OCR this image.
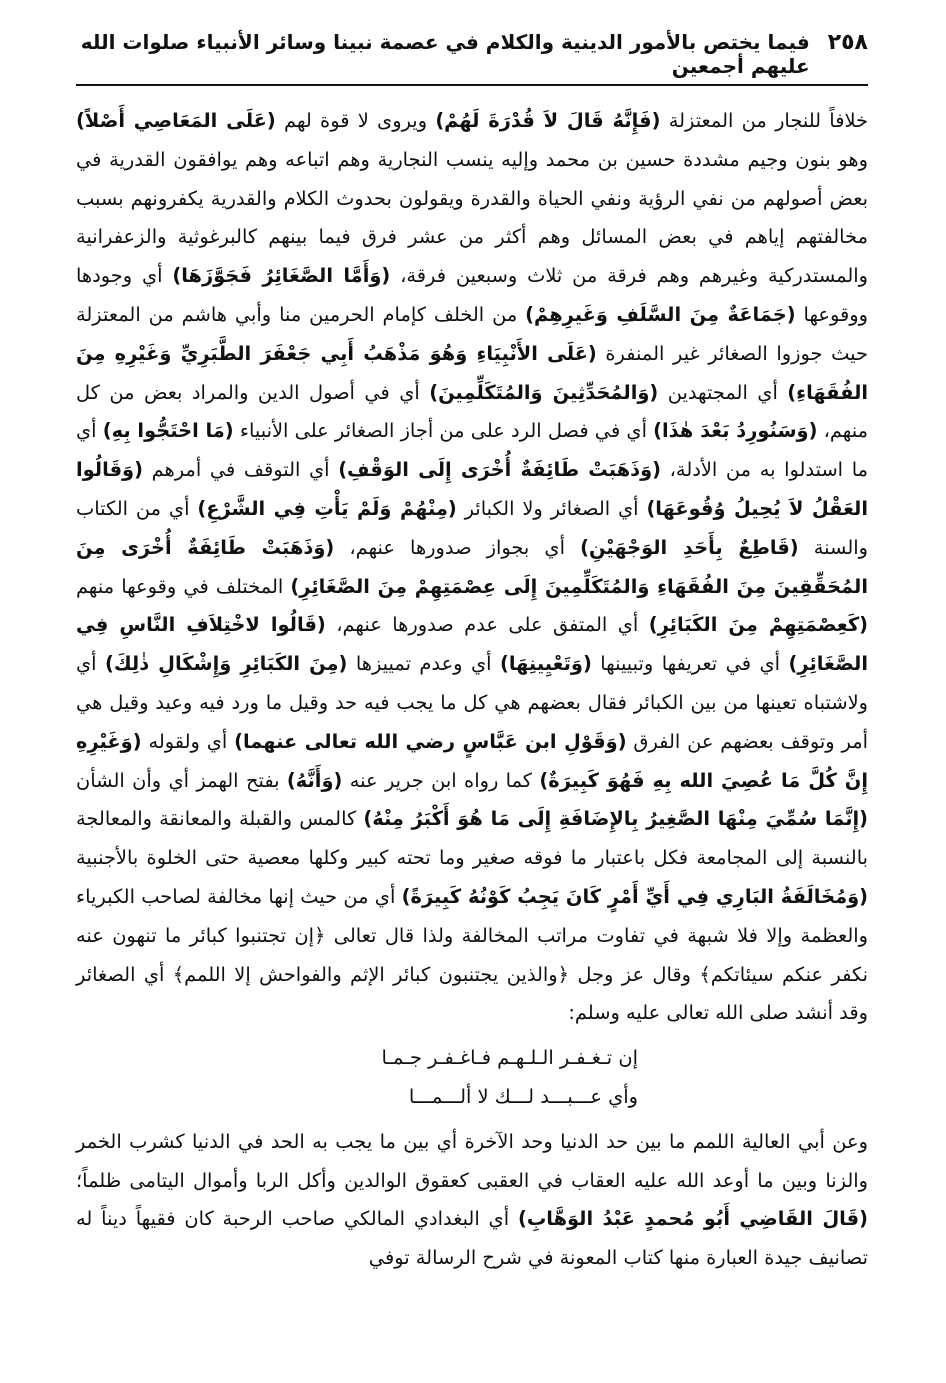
٢٥٨
فيما يختص بالأمور الدينية والكلام في عصمة نبينا وسائر الأنبياء صلوات الله عليهم أجمعين

خلافاً للنجار من المعتزلة (فَإِنَّهُ قَالَ لاَ قُدْرَةَ لَهُمْ) ويروى لا قوة لهم (عَلَى المَعَاصِي أَصْلاً) وهو بنون وجيم مشددة حسين بن محمد وإليه ينسب النجارية وهم اتباعه وهم يوافقون القدرية في بعض أصولهم من نفي الرؤية ونفي الحياة والقدرة ويقولون بحدوث الكلام والقدرية يكفرونهم بسبب مخالفتهم إياهم في بعض المسائل وهم أكثر من عشر فرق فيما بينهم كالبرغوثية والزعفرانية والمستدركية وغيرهم وهم فرقة من ثلاث وسبعين فرقة، (وَأَمَّا الصَّغَائِرُ فَجَوَّزَهَا) أي وجودها ووقوعها (جَمَاعَةٌ مِنَ السَّلَفِ وَغَيرِهِمْ) من الخلف كإمام الحرمين منا وأبي هاشم من المعتزلة حيث جوزوا الصغائر غير المنفرة (عَلَى الأَنْبِيَاءِ وَهُوَ مَذْهَبُ أَبِي جَعْفَرَ الطَّبَرِيِّ وَغَيْرِهِ مِنَ الفُقَهَاءِ) أي المجتهدين (وَالمُحَدِّثِينَ وَالمُتَكَلِّمِينَ) أي في أصول الدين والمراد بعض من كل منهم، (وَسَنُورِدُ بَعْدَ هٰذَا) أي في فصل الرد على من أجاز الصغائر على الأنبياء (مَا احْتَجُّوا بِهِ) أي ما استدلوا به من الأدلة، (وَذَهَبَتْ طَائِفَةٌ أُخْرَى إِلَى الوَقْفِ) أي التوقف في أمرهم (وَقَالُوا العَقْلُ لاَ يُحِيلُ وُقُوعَهَا) أي الصغائر ولا الكبائر (مِنْهُمْ وَلَمْ يَأْتِ فِي الشَّرْعِ) أي من الكتاب والسنة (قَاطِعٌ بِأَحَدِ الوَجْهَيْنِ) أي بجواز صدورها عنهم، (وَذَهَبَتْ طَائِفَةٌ أُخْرَى مِنَ المُحَقِّقِينَ مِنَ الفُقَهَاءِ وَالمُتَكَلِّمِينَ إِلَى عِصْمَتِهِمْ مِنَ الصَّغَائِرِ) المختلف في وقوعها منهم (كَعِصْمَتِهِمْ مِنَ الكَبَائِرِ) أي المتفق على عدم صدورها عنهم، (قَالُوا لاخْتِلاَفِ النَّاسِ فِي الصَّغَائِرِ) أي في تعريفها وتبيينها (وَتَعْيِينِهَا) أي وعدم تمييزها (مِنَ الكَبَائِرِ وَإِشْكَالِ ذٰلِكَ) أي ولاشتباه تعينها من بين الكبائر فقال بعضهم هي كل ما يجب فيه حد وقيل ما ورد فيه وعيد وقيل هي أمر وتوقف بعضهم عن الفرق (وَقَوْلِ ابن عَبَّاسٍ رضي الله تعالى عنهما) أي ولقوله (وَغَيْرِهِ إِنَّ كُلَّ مَا عُصِيَ الله بِهِ فَهُوَ كَبِيرَةٌ) كما رواه ابن جرير عنه (وَأَنَّهُ) بفتح الهمز أي وأن الشأن (إِنَّمَا سُمِّيَ مِنْهَا الصَّغِيرُ بِالإِضَافَةِ إِلَى مَا هُوَ أَكْبَرُ مِنْهُ) كالمس والقبلة والمعانقة والمعالجة بالنسبة إلى المجامعة فكل باعتبار ما فوقه صغير وما تحته كبير وكلها معصية حتى الخلوة بالأجنبية (وَمُخَالَفَةُ البَارِي فِي أَيِّ أَمْرٍ كَانَ يَجِبُ كَوْنُهُ كَبِيرَةً) أي من حيث إنها مخالفة لصاحب الكبرياء والعظمة وإلا فلا شبهة في تفاوت مراتب المخالفة ولذا قال تعالى ﴿إن تجتنبوا كبائر ما تنهون عنه نكفر عنكم سيئاتكم﴾ وقال عز وجل ﴿والذين يجتنبون كبائر الإثم والفواحش إلا اللمم﴾ أي الصغائر وقد أنشد صلى الله تعالى عليه وسلم:

إن تـغـفـر الـلـهـم فـاغـفـر جـمـا
وأي عـــبـــد لـــك لا ألـــمـــا

وعن أبي العالية اللمم ما بين حد الدنيا وحد الآخرة أي بين ما يجب به الحد في الدنيا كشرب الخمر والزنا وبين ما أوعد الله عليه العقاب في العقبى كعقوق الوالدين وأكل الربا وأموال اليتامى ظلماً؛ (قَالَ القَاضِي أَبُو مُحمدٍ عَبْدُ الوَهَّابِ) أي البغدادي المالكي صاحب الرحبة كان فقيهاً ديناً له تصانيف جيدة العبارة منها كتاب المعونة في شرح الرسالة توفي
